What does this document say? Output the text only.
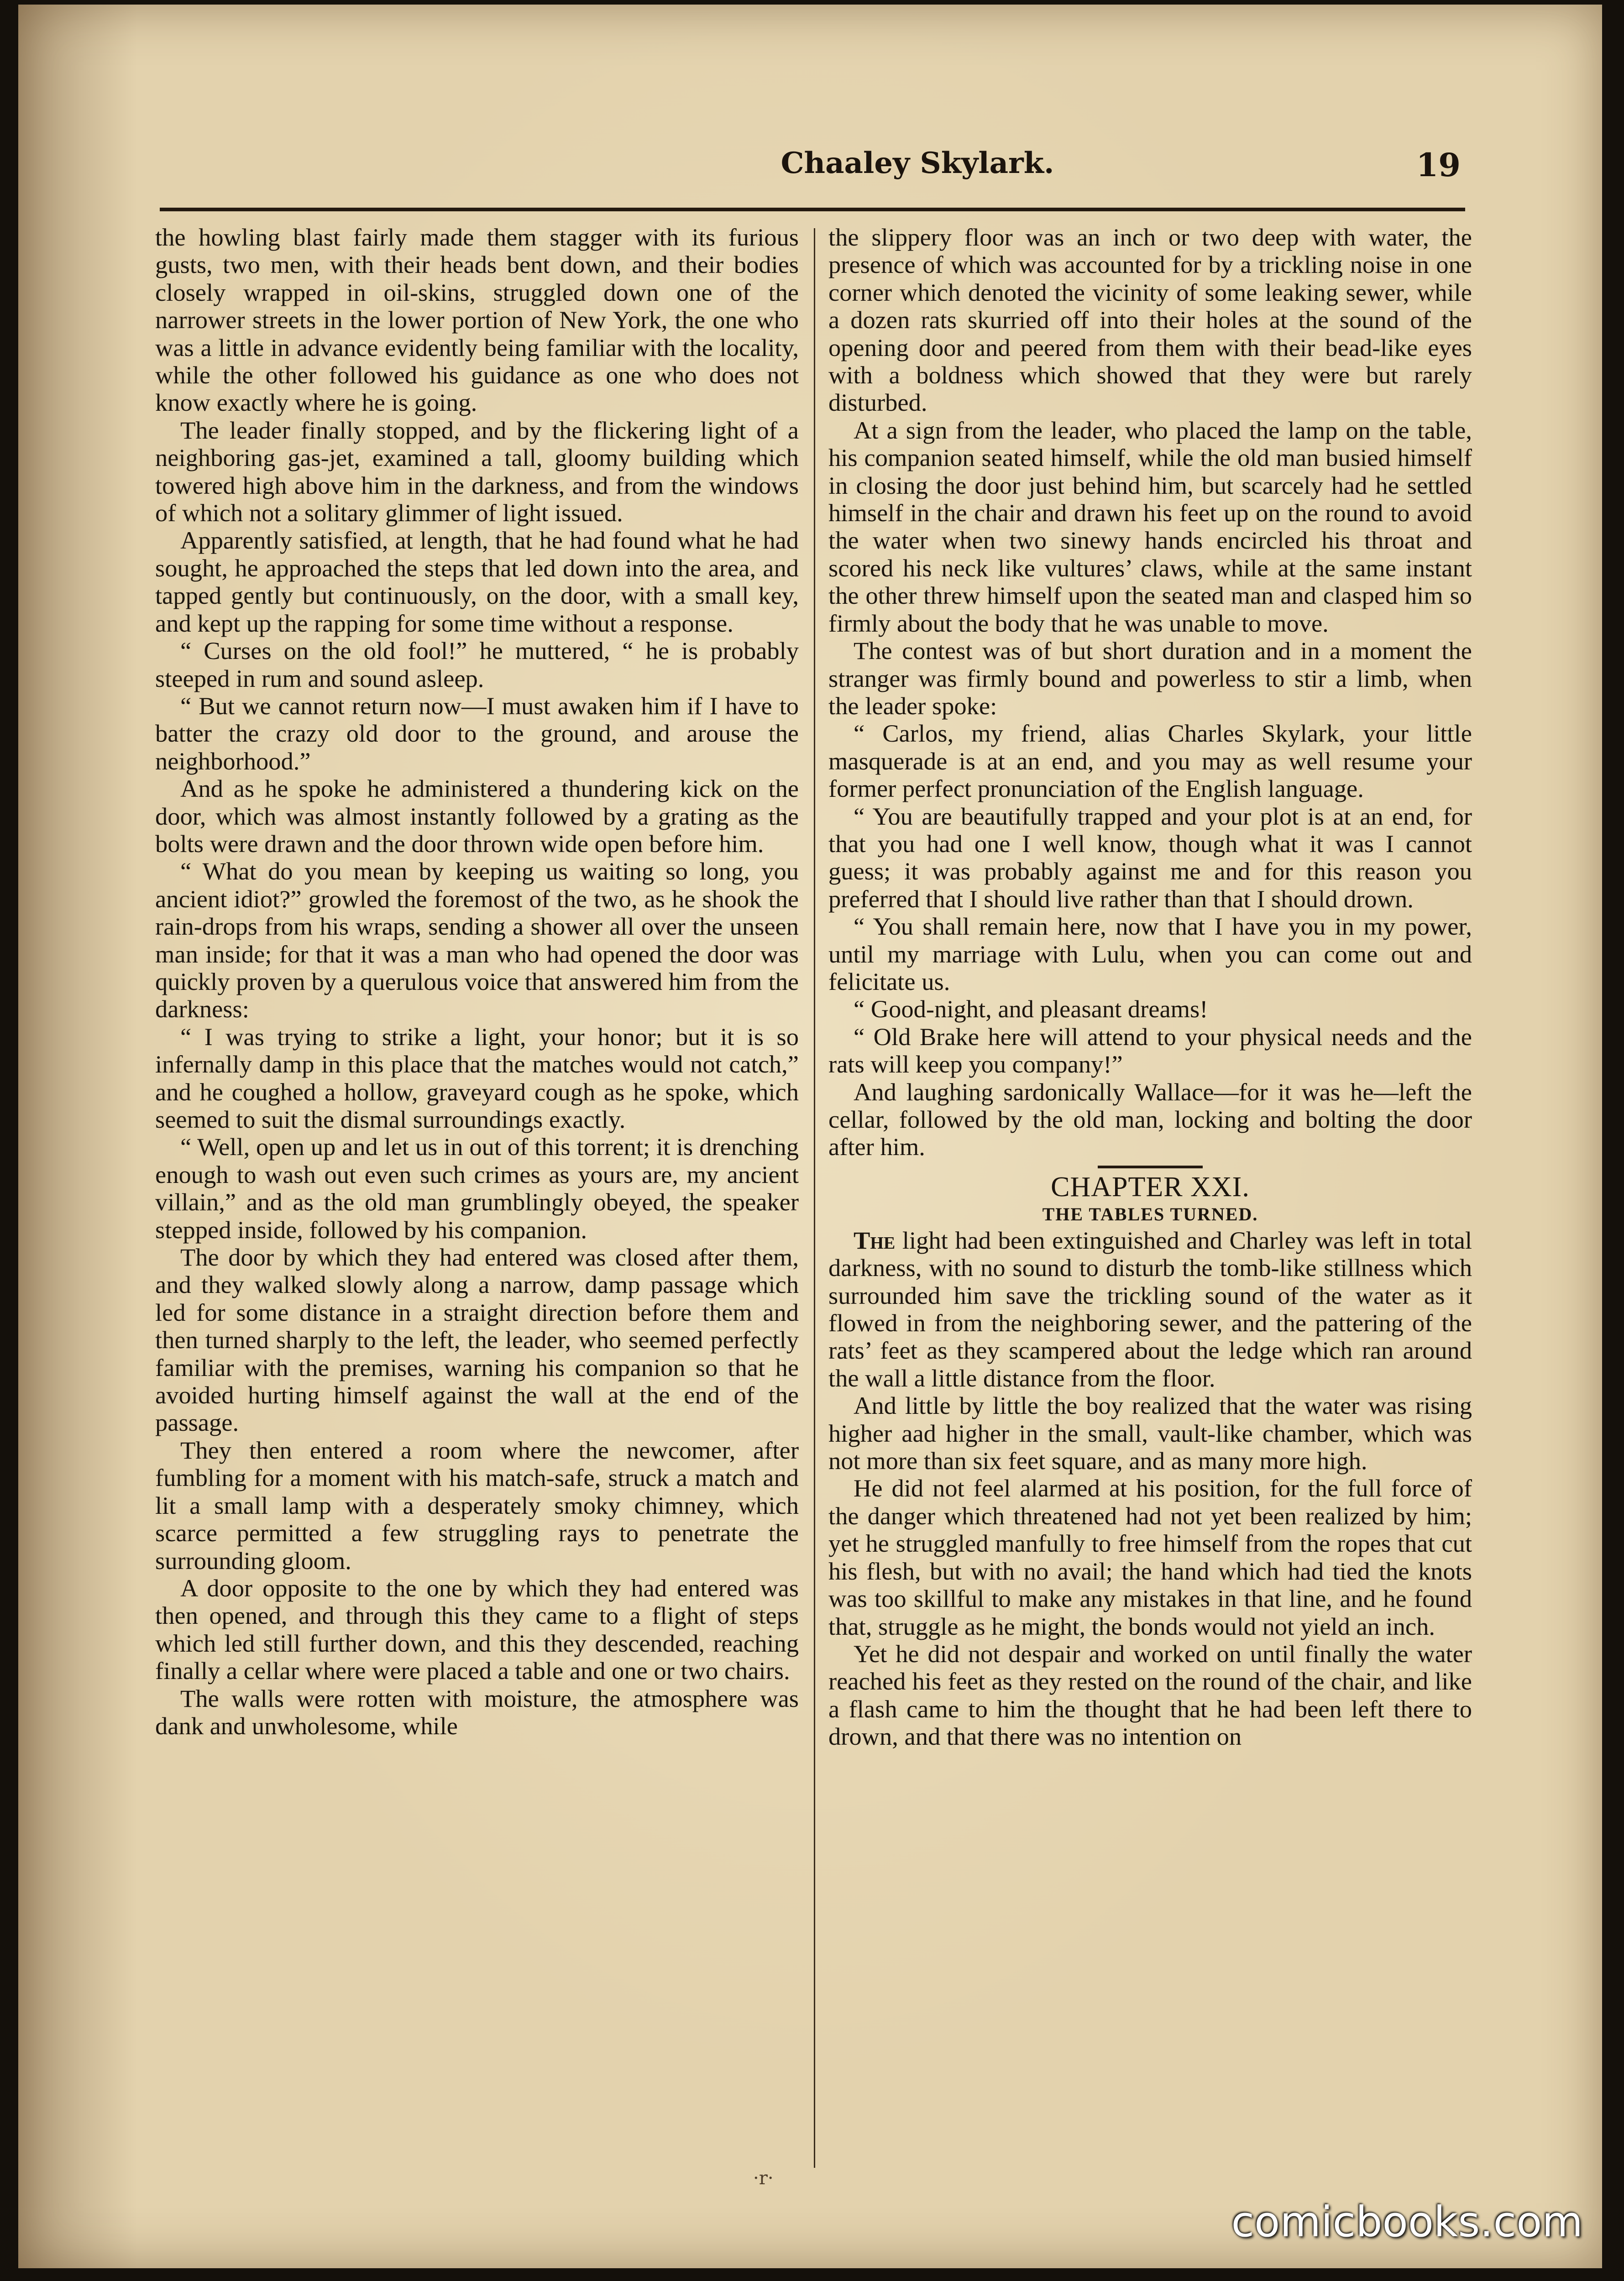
Chaaley Skylark.	19

the howling blast fairly made them stagger with its furious gusts, two men, with their heads bent down, and their bodies closely wrapped in oil-skins, struggled down one of the narrower streets in the lower portion of New York, the one who was a little in advance evidently being familiar with the locality, while the other followed his guidance as one who does not know exactly where he is going.

The leader finally stopped, and by the flickering light of a neighboring gas-jet, examined a tall, gloomy building which towered high above him in the darkness, and from the windows of which not a solitary glimmer of light issued.

Apparently satisfied, at length, that he had found what he had sought, he approached the steps that led down into the area, and tapped gently but continuously, on the door, with a small key, and kept up the rapping for some time without a response.

“ Curses on the old fool!” he muttered, “ he is probably steeped in rum and sound asleep.

“ But we cannot return now—I must awaken him if I have to batter the crazy old door to the ground, and arouse the neighborhood.”

And as he spoke he administered a thundering kick on the door, which was almost instantly followed by a grating as the bolts were drawn and the door thrown wide open before him.

“ What do you mean by keeping us waiting so long, you ancient idiot?” growled the foremost of the two, as he shook the rain-drops from his wraps, sending a shower all over the unseen man inside; for that it was a man who had opened the door was quickly proven by a querulous voice that answered him from the darkness:

“ I was trying to strike a light, your honor; but it is so infernally damp in this place that the matches would not catch,” and he coughed a hollow, graveyard cough as he spoke, which seemed to suit the dismal surroundings exactly.

“ Well, open up and let us in out of this torrent; it is drenching enough to wash out even such crimes as yours are, my ancient villain,” and as the old man grumblingly obeyed, the speaker stepped inside, followed by his companion.

The door by which they had entered was closed after them, and they walked slowly along a narrow, damp passage which led for some distance in a straight direction before them and then turned sharply to the left, the leader, who seemed perfectly familiar with the premises, warning his companion so that he avoided hurting himself against the wall at the end of the passage.

They then entered a room where the newcomer, after fumbling for a moment with his match-safe, struck a match and lit a small lamp with a desperately smoky chimney, which scarce permitted a few struggling rays to penetrate the surrounding gloom.

A door opposite to the one by which they had entered was then opened, and through this they came to a flight of steps which led still further down, and this they descended, reaching finally a cellar where were placed a table and one or two chairs.

The walls were rotten with moisture, the atmosphere was dank and unwholesome, while

the slippery floor was an inch or two deep with water, the presence of which was accounted for by a trickling noise in one corner which denoted the vicinity of some leaking sewer, while a dozen rats skurried off into their holes at the sound of the opening door and peered from them with their bead-like eyes with a boldness which showed that they were but rarely disturbed.

At a sign from the leader, who placed the lamp on the table, his companion seated himself, while the old man busied himself in closing the door just behind him, but scarcely had he settled himself in the chair and drawn his feet up on the round to avoid the water when two sinewy hands encircled his throat and scored his neck like vultures’ claws, while at the same instant the other threw himself upon the seated man and clasped him so firmly about the body that he was unable to move.

The contest was of but short duration and in a moment the stranger was firmly bound and powerless to stir a limb, when the leader spoke:

“ Carlos, my friend, alias Charles Skylark, your little masquerade is at an end, and you may as well resume your former perfect pronunciation of the English language.

“ You are beautifully trapped and your plot is at an end, for that you had one I well know, though what it was I cannot guess; it was probably against me and for this reason you preferred that I should live rather than that I should drown.

“ You shall remain here, now that I have you in my power, until my marriage with Lulu, when you can come out and felicitate us.

“ Good-night, and pleasant dreams!

“ Old Brake here will attend to your physical needs and the rats will keep you company!”

And laughing sardonically Wallace—for it was he—left the cellar, followed by the old man, locking and bolting the door after him.

CHAPTER XXI.

THE TABLES TURNED.

The light had been extinguished and Charley was left in total darkness, with no sound to disturb the tomb-like stillness which surrounded him save the trickling sound of the water as it flowed in from the neighboring sewer, and the pattering of the rats’ feet as they scampered about the ledge which ran around the wall a little distance from the floor.

And little by little the boy realized that the water was rising higher aad higher in the small, vault-like chamber, which was not more than six feet square, and as many more high.

He did not feel alarmed at his position, for the full force of the danger which threatened had not yet been realized by him; yet he struggled manfully to free himself from the ropes that cut his flesh, but with no avail; the hand which had tied the knots was too skillful to make any mistakes in that line, and he found that, struggle as he might, the bonds would not yield an inch.

Yet he did not despair and worked on until finally the water reached his feet as they rested on the round of the chair, and like a flash came to him the thought that he had been left there to drown, and that there was no intention on

·r·
comicbooks.com
